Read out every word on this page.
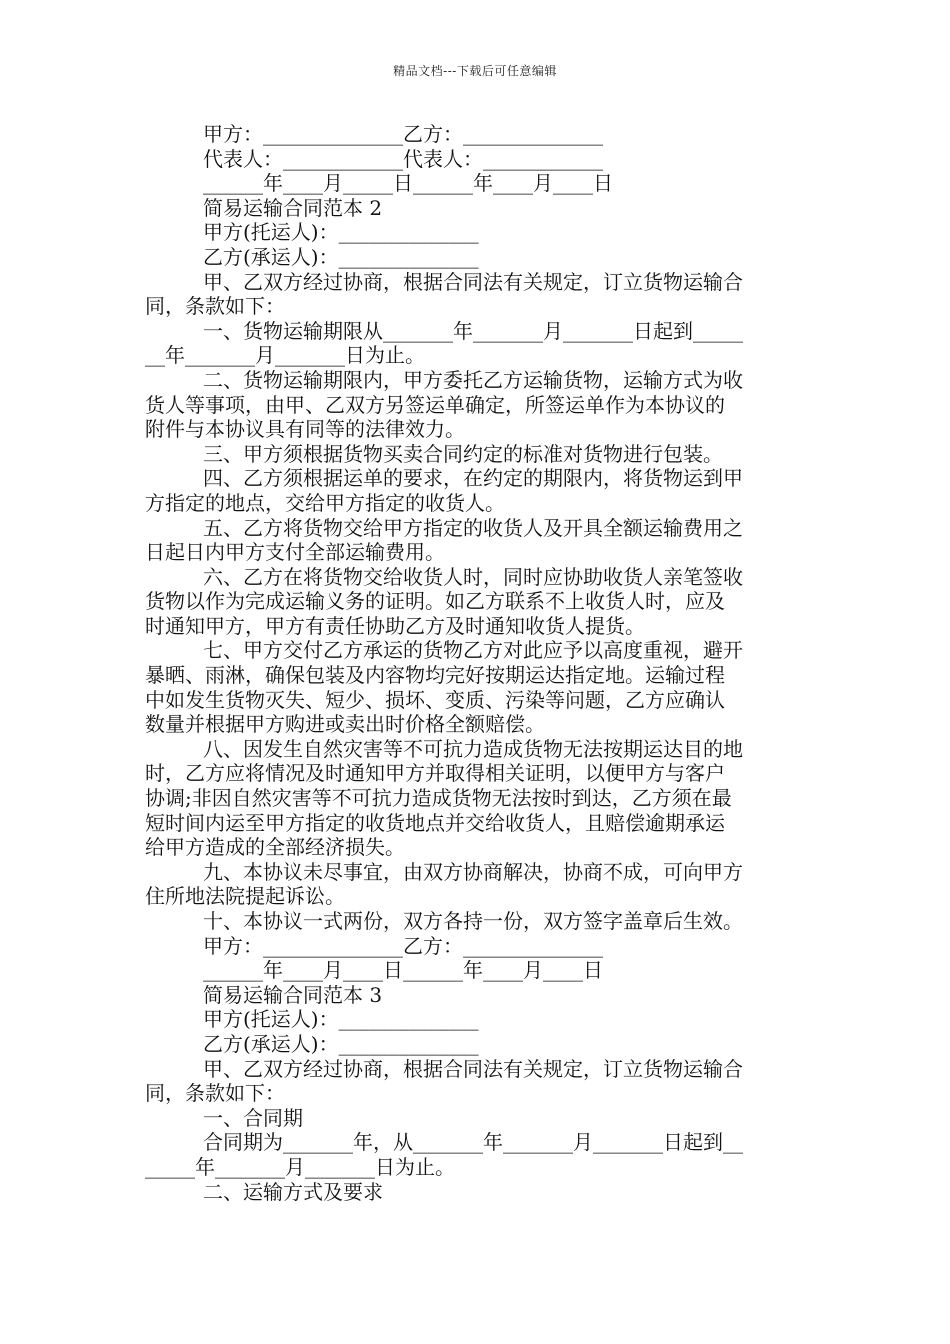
精品文档---下载后可任意编辑
甲方：______________乙方：______________
代表人：____________代表人：____________
______年____月_____日______年____月____日
简易运输合同范本 2
甲方(托运人)：______________
乙方(承运人)：______________
甲、乙双方经过协商，根据合同法有关规定，订立货物运输合
同，条款如下：
一、货物运输期限从_______年_______月_______日起到_____
__年_______月_______日为止。
二、货物运输期限内，甲方委托乙方运输货物，运输方式为收
货人等事项，由甲、乙双方另签运单确定，所签运单作为本协议的
附件与本协议具有同等的法律效力。
三、甲方须根据货物买卖合同约定的标准对货物进行包装。
四、乙方须根据运单的要求，在约定的期限内，将货物运到甲
方指定的地点，交给甲方指定的收货人。
五、乙方将货物交给甲方指定的收货人及开具全额运输费用之
日起日内甲方支付全部运输费用。
六、乙方在将货物交给收货人时，同时应协助收货人亲笔签收
货物以作为完成运输义务的证明。如乙方联系不上收货人时，应及
时通知甲方，甲方有责任协助乙方及时通知收货人提货。
七、甲方交付乙方承运的货物乙方对此应予以高度重视，避开
暴晒、雨淋，确保包装及内容物均完好按期运达指定地。运输过程
中如发生货物灭失、短少、损坏、变质、污染等问题，乙方应确认
数量并根据甲方购进或卖出时价格全额赔偿。
八、因发生自然灾害等不可抗力造成货物无法按期运达目的地
时，乙方应将情况及时通知甲方并取得相关证明，以便甲方与客户
协调;非因自然灾害等不可抗力造成货物无法按时到达，乙方须在最
短时间内运至甲方指定的收货地点并交给收货人，且赔偿逾期承运
给甲方造成的全部经济损失。
九、本协议未尽事宜，由双方协商解决，协商不成，可向甲方
住所地法院提起诉讼。
十、本协议一式两份，双方各持一份，双方签字盖章后生效。
甲方：______________乙方：______________
______年____月____日______年____月____日
简易运输合同范本 3
甲方(托运人)：______________
乙方(承运人)：______________
甲、乙双方经过协商，根据合同法有关规定，订立货物运输合
同，条款如下：
一、合同期
合同期为_______年，从_______年_______月_______日起到__
_____年_______月_______日为止。
二、运输方式及要求
